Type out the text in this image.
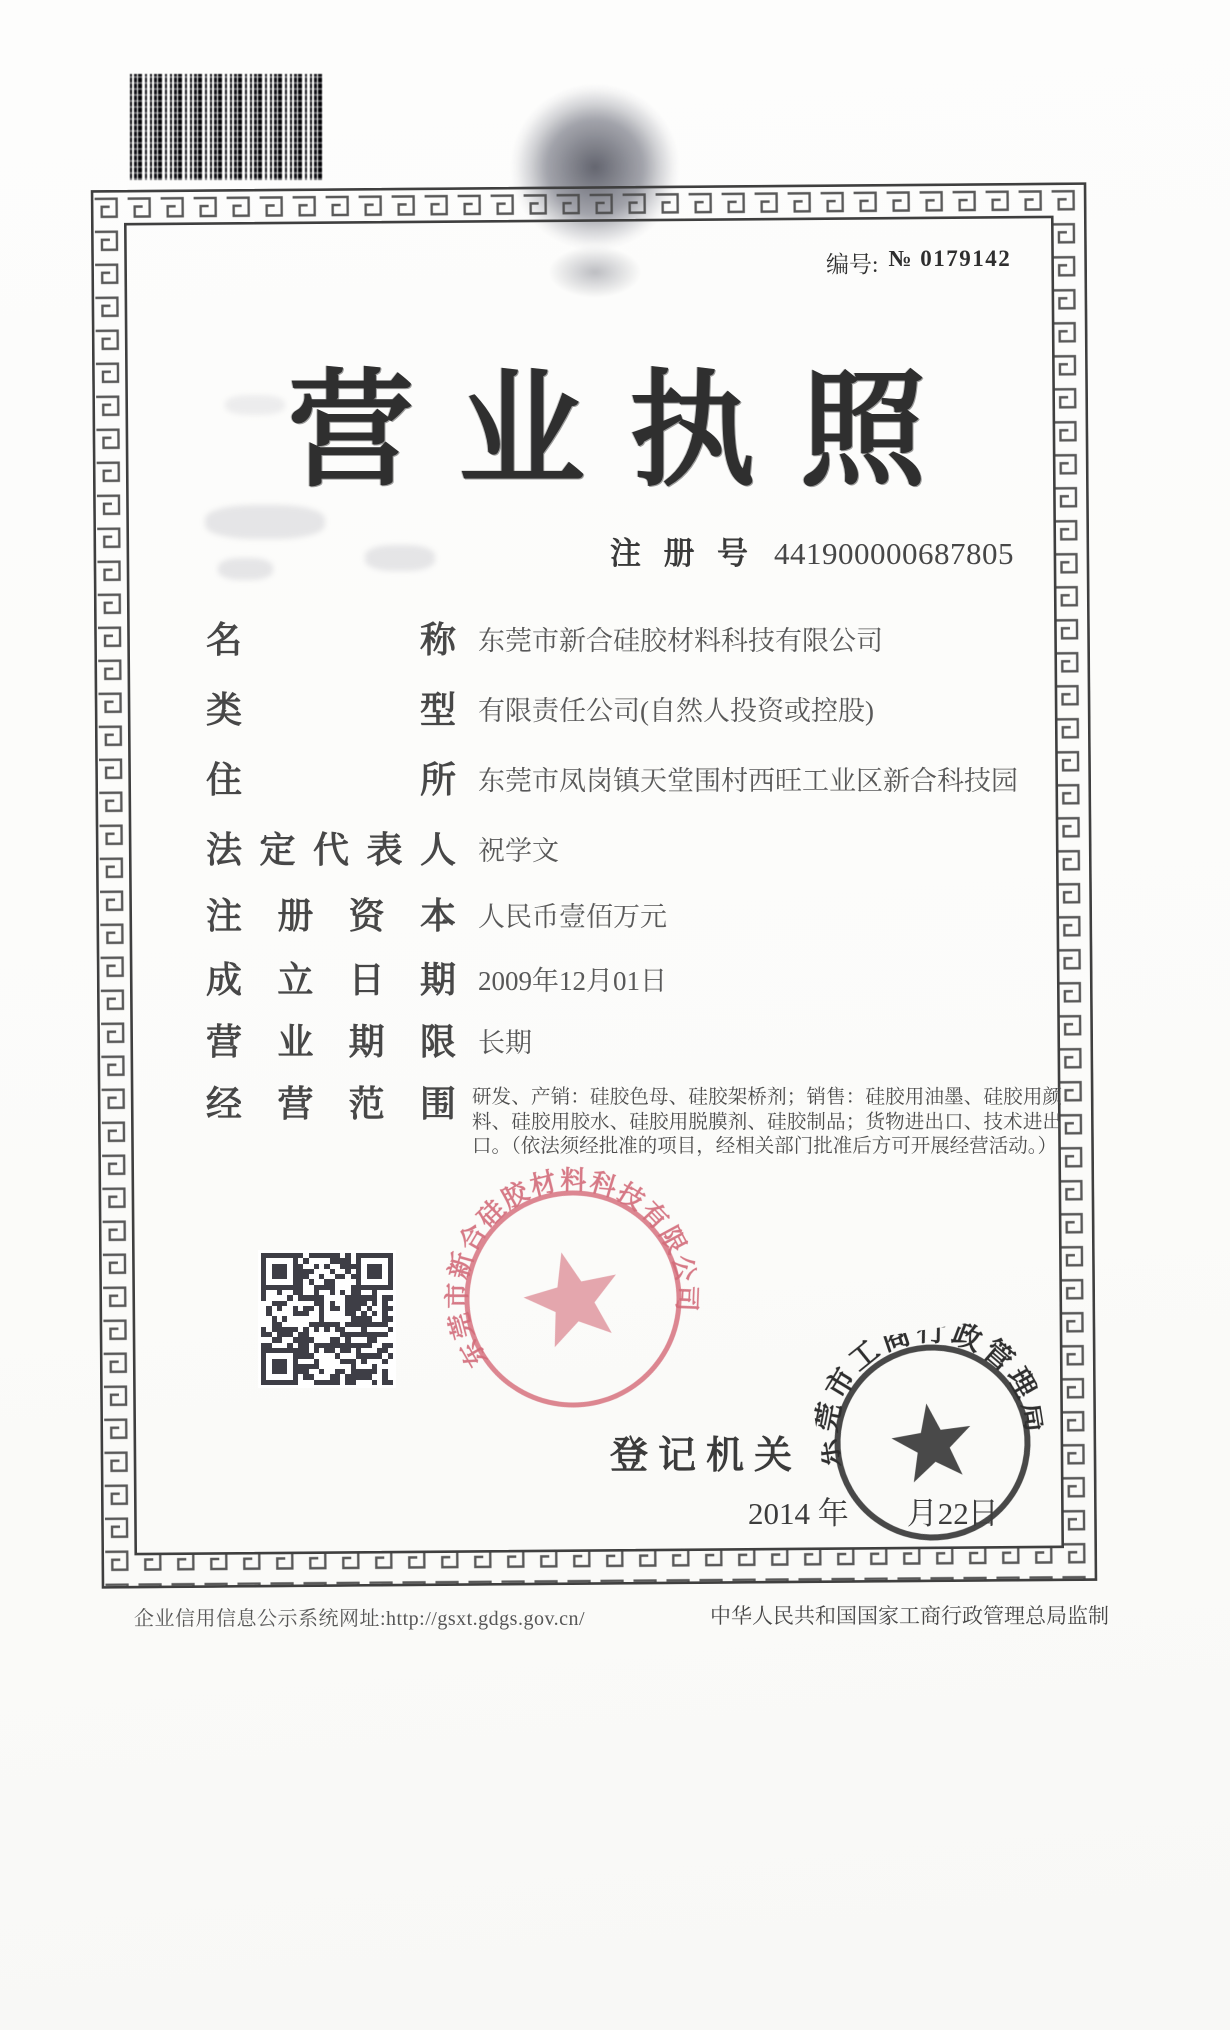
编号: № 0179142
营 业 执 照
注 册 号 441900000687805
名	称 东莞市新合硅胶材料科技有限公司
类	型 有限责任公司(自然人投资或控股)
住	所 东莞市凤岗镇天堂围村西旺工业区新合科技园
法 定 代 表 人 祝学文
注 册 资 本 人民币壹佰万元
成 立 日 期 2009年12月01日
营 业 期 限 长期
经 营 范 围 研发、产销：硅胶色母、硅胶架桥剂；销售：硅胶用油墨、硅胶用颜料、硅胶用胶水、硅胶用脱膜剂、硅胶制品；货物进出口、技术进出口。（依法须经批准的项目，经相关部门批准后方可开展经营活动。）
东莞市新合硅胶材料科技有限公司
登 记 机 关 东莞市工商行政管理局
2014
年 月 22 日
企业信用信息公示系统网址:http://gsxt.gdgs.gov.cn/	中华人民共和国国家工商行政管理总局监制
